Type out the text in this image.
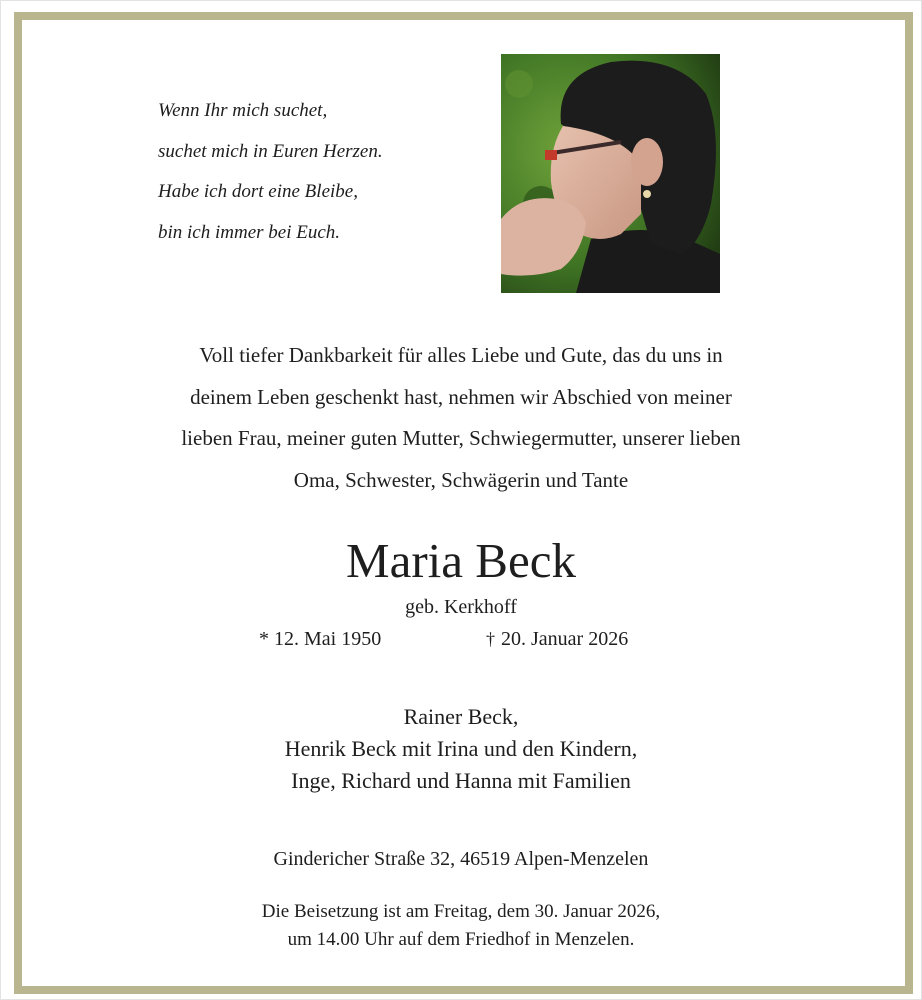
Wenn Ihr mich suchet,
suchet mich in Euren Herzen.
Habe ich dort eine Bleibe,
bin ich immer bei Euch.
Voll tiefer Dankbarkeit für alles Liebe und Gute, das du uns in
deinem Leben geschenkt hast, nehmen wir Abschied von meiner
lieben Frau, meiner guten Mutter, Schwiegermutter, unserer lieben
Oma, Schwester, Schwägerin und Tante
Maria Beck
geb. Kerkhoff
* 12. Mai 1950	† 20. Januar 2026
Rainer Beck,
Henrik Beck mit Irina und den Kindern,
Inge, Richard und Hanna mit Familien
Gindericher Straße 32, 46519 Alpen-Menzelen
Die Beisetzung ist am Freitag, dem 30. Januar 2026,
um 14.00 Uhr auf dem Friedhof in Menzelen.
